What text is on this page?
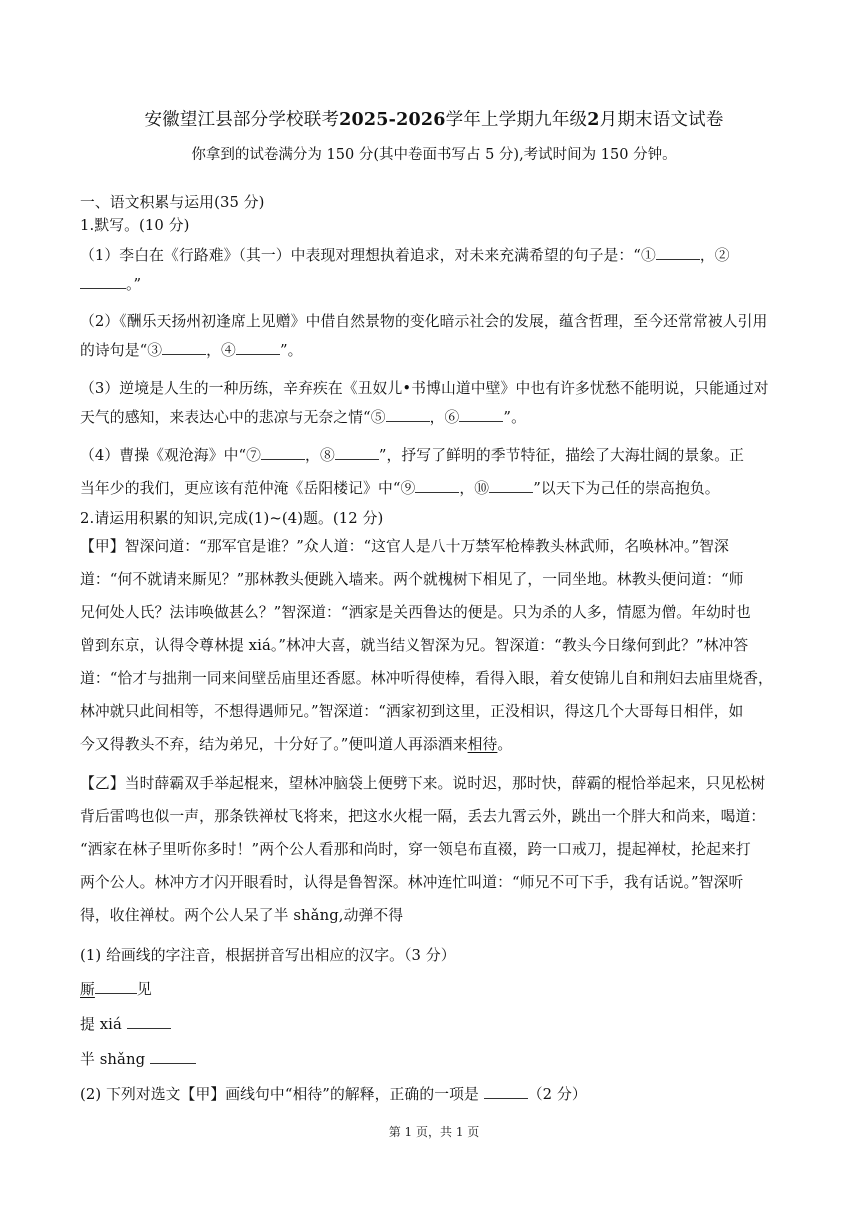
安徽望江县部分学校联考2025-2026学年上学期九年级2月期末语文试卷
你拿到的试卷满分为 150 分(其中卷面书写占 5 分),考试时间为 150 分钟。
一、语文积累与运用(35 分)
1.默写。(10 分)
（1）李白在《行路难》（其一）中表现对理想执着追求，对未来充满希望的句子是：“①	，②
。”
（2）《酬乐天扬州初逢席上见赠》中借自然景物的变化暗示社会的发展，蕴含哲理，至今还常常被人引用
的诗句是“③	，④	”。
（3）逆境是人生的一种历练，辛弃疾在《丑奴儿•书博山道中壁》中也有许多忧愁不能明说，只能通过对
天气的感知，来表达心中的悲凉与无奈之情“⑤	，⑥	”。
（4）曹操《观沧海》中“⑦	，⑧	”，抒写了鲜明的季节特征，描绘了大海壮阔的景象。正
当年少的我们，更应该有范仲淹《岳阳楼记》中“⑨	，⑩	”以天下为己任的崇高抱负。
2.请运用积累的知识,完成(1)~(4)题。(12 分)
【甲】智深问道：“那军官是谁？”众人道：“这官人是八十万禁军枪棒教头林武师，名唤林冲。”智深
道：“何不就请来厮见？”那林教头便跳入墙来。两个就槐树下相见了，一同坐地。林教头便问道：“师
兄何处人氏？法讳唤做甚么？”智深道：“洒家是关西鲁达的便是。只为杀的人多，情愿为僧。年幼时也
曾到东京，认得令尊林提 xiá。”林冲大喜，就当结义智深为兄。智深道：“教头今日缘何到此？”林冲答
道：“恰才与拙荆一同来间壁岳庙里还香愿。林冲听得使棒，看得入眼，着女使锦儿自和荆妇去庙里烧香，
林冲就只此间相等，不想得遇师兄。”智深道：“洒家初到这里，正没相识，得这几个大哥每日相伴，如
今又得教头不弃，结为弟兄，十分好了。”便叫道人再添酒来相待。
【乙】当时薛霸双手举起棍来，望林冲脑袋上便劈下来。说时迟，那时快，薛霸的棍恰举起来，只见松树
背后雷鸣也似一声，那条铁禅杖飞将来，把这水火棍一隔，丢去九霄云外，跳出一个胖大和尚来，喝道：
“洒家在林子里听你多时！”两个公人看那和尚时，穿一领皂布直裰，跨一口戒刀，提起禅杖，抡起来打
两个公人。林冲方才闪开眼看时，认得是鲁智深。林冲连忙叫道：“师兄不可下手，我有话说。”智深听
得，收住禅杖。两个公人呆了半 shǎng,动弹不得
(1) 给画线的字注音，根据拼音写出相应的汉字。（3 分）
厮	见
提 xiá
半 shǎng
(2) 下列对选文【甲】画线句中“相待”的解释，正确的一项是	（2 分）
第 1 页，共 1 页
